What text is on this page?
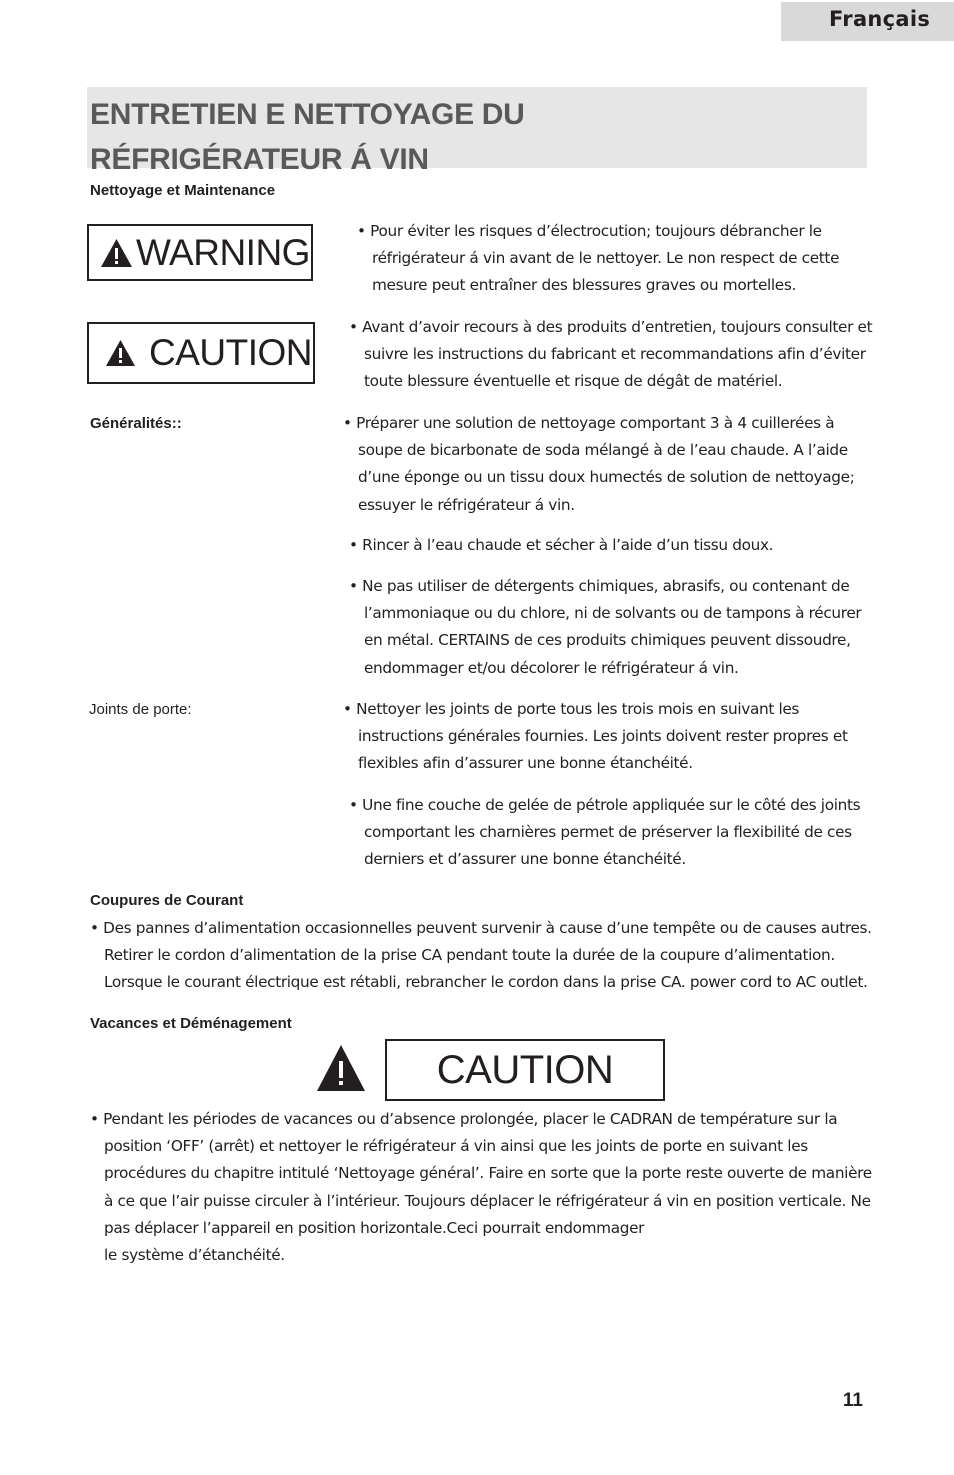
Français
ENTRETIEN E NETTOYAGE DU
RÉFRIGÉRATEUR Á VIN

Nettoyage et Maintenance

WARNING
CAUTION

• Pour éviter les risques d’électrocution; toujours débrancher le réfrigérateur á vin avant de le nettoyer. Le non respect de cette mesure peut entraîner des blessures graves ou mortelles.

• Avant d’avoir recours à des produits d’entretien, toujours consulter et suivre les instructions du fabricant et recommandations afin d’éviter toute blessure éventuelle et risque de dégât de matériel.

Généralités::	• Préparer une solution de nettoyage comportant 3 à 4 cuillerées à soupe de bicarbonate de soda mélangé à de l’eau chaude. A l’aide d’une éponge ou un tissu doux humectés de solution de nettoyage; essuyer le réfrigérateur á vin.

• Rincer à l’eau chaude et sécher à l’aide d’un tissu doux.

• Ne pas utiliser de détergents chimiques, abrasifs, ou contenant de l’ammoniaque ou du chlore, ni de solvants ou de tampons à récurer en métal. CERTAINS de ces produits chimiques peuvent dissoudre, endommager et/ou décolorer le réfrigérateur á vin.

Joints de porte:	• Nettoyer les joints de porte tous les trois mois en suivant les instructions générales fournies. Les joints doivent rester propres et flexibles afin d’assurer une bonne étanchéité.

• Une fine couche de gelée de pétrole appliquée sur le côté des joints comportant les charnières permet de préserver la flexibilité de ces derniers et d’assurer une bonne étanchéité.

Coupures de Courant

• Des pannes d’alimentation occasionnelles peuvent survenir à cause d’une tempête ou de causes autres. Retirer le cordon d’alimentation de la prise CA pendant toute la durée de la coupure d’alimentation. Lorsque le courant électrique est rétabli, rebrancher le cordon dans la prise CA. power cord to AC outlet.

Vacances et Déménagement

CAUTION

• Pendant les périodes de vacances ou d’absence prolongée, placer le CADRAN de température sur la position ‘OFF’ (arrêt) et nettoyer le réfrigérateur á vin ainsi que les joints de porte en suivant les procédures du chapitre intitulé ‘Nettoyage général’. Faire en sorte que la porte reste ouverte de manière à ce que l’air puisse circuler à l’intérieur. Toujours déplacer le réfrigérateur á vin en position verticale. Ne pas déplacer l’appareil en position horizontale.Ceci pourrait endommager

le système d’étanchéité.

11
